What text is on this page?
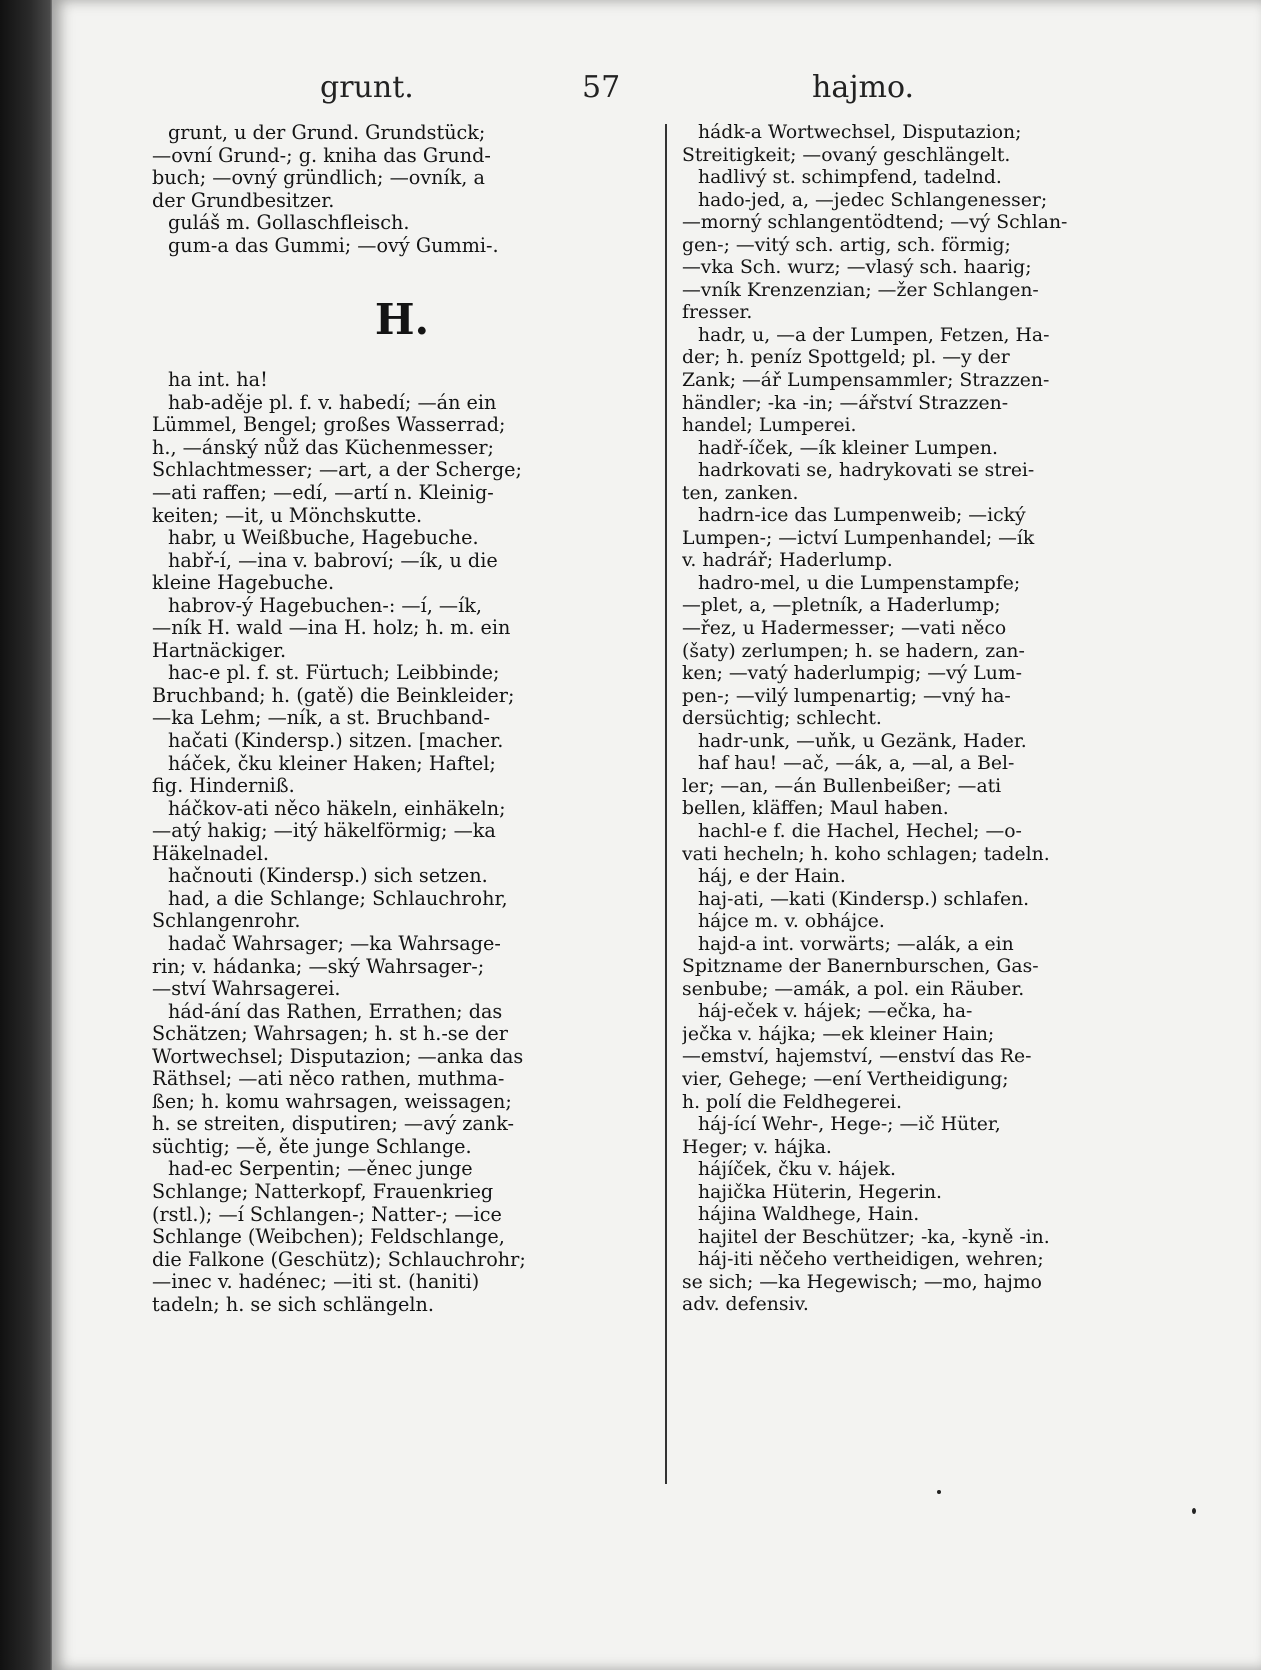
grunt.	57	hajmo.
grunt, u der Grund. Grundstück;
—ovní Grund-; g. kniha das Grund-
buch; —ovný gründlich; —ovník, a
der Grundbesitzer.
guláš m. Gollaschfleisch.
gum-a das Gummi; —ový Gummi-.
H.
ha int. ha!
hab-aděje pl. f. v. habedí; —án ein
Lümmel, Bengel; großes Wasserrad;
h., —ánský nůž das Küchenmesser;
Schlachtmesser; —art, a der Scherge;
—ati raffen; —edí, —artí n. Kleinig-
keiten; —it, u Mönchskutte.
habr, u Weißbuche, Hagebuche.
habř-í, —ina v. babroví; —ík, u die
kleine Hagebuche.
habrov-ý Hagebuchen-: —í, —ík,
—ník H. wald —ina H. holz; h. m. ein
Hartnäckiger.
hac-e pl. f. st. Fürtuch; Leibbinde;
Bruchband; h. (gatě) die Beinkleider;
—ka Lehm; —ník, a st. Bruchband-
hačati (Kindersp.) sitzen. [macher.
háček, čku kleiner Haken; Haftel;
fig. Hinderniß.
háčkov-ati něco häkeln, einhäkeln;
—atý hakig; —itý häkelförmig; —ka
Häkelnadel.
hačnouti (Kindersp.) sich setzen.
had, a die Schlange; Schlauchrohr,
Schlangenrohr.
hadač Wahrsager; —ka Wahrsage-
rin; v. hádanka; —ský Wahrsager-;
—ství Wahrsagerei.
hád-ání das Rathen, Errathen; das
Schätzen; Wahrsagen; h. st h.-se der
Wortwechsel; Disputazion; —anka das
Räthsel; —ati něco rathen, muthma-
ßen; h. komu wahrsagen, weissagen;
h. se streiten, disputiren; —avý zank-
süchtig; —ě, ěte junge Schlange.
had-ec Serpentin; —ěnec junge
Schlange; Natterkopf, Frauenkrieg
(rstl.); —í Schlangen-; Natter-; —ice
Schlange (Weibchen); Feldschlange,
die Falkone (Geschütz); Schlauchrohr;
—inec v. hadénec; —iti st. (haniti)
tadeln; h. se sich schlängeln.
hádk-a Wortwechsel, Disputazion;
Streitigkeit; —ovaný geschlängelt.
hadlivý st. schimpfend, tadelnd.
hado-jed, a, —jedec Schlangenesser;
—morný schlangentödtend; —vý Schlan-
gen-; —vitý sch. artig, sch. förmig;
—vka Sch. wurz; —vlasý sch. haarig;
—vník Krenzenzian; —žer Schlangen-
fresser.
hadr, u, —a der Lumpen, Fetzen, Ha-
der; h. peníz Spottgeld; pl. —y der
Zank; —ář Lumpensammler; Strazzen-
händler; -ka -in; —ářství Strazzen-
handel; Lumperei.
hadř-íček, —ík kleiner Lumpen.
hadrkovati se, hadrykovati se strei-
ten, zanken.
hadrn-ice das Lumpenweib; —ický
Lumpen-; —ictví Lumpenhandel; —ík
v. hadrář; Haderlump.
hadro-mel, u die Lumpenstampfe;
—plet, a, —pletník, a Haderlump;
—řez, u Hadermesser; —vati něco
(šaty) zerlumpen; h. se hadern, zan-
ken; —vatý haderlumpig; —vý Lum-
pen-; —vilý lumpenartig; —vný ha-
dersüchtig; schlecht.
hadr-unk, —uňk, u Gezänk, Hader.
haf hau! —ač, —ák, a, —al, a Bel-
ler; —an, —án Bullenbeißer; —ati
bellen, kläffen; Maul haben.
hachl-e f. die Hachel, Hechel; —o-
vati hecheln; h. koho schlagen; tadeln.
háj, e der Hain.
haj-ati, —kati (Kindersp.) schlafen.
hájce m. v. obhájce.
hajd-a int. vorwärts; —alák, a ein
Spitzname der Banernburschen, Gas-
senbube; —amák, a pol. ein Räuber.
háj-eček v. hájek; —ečka, ha-
ječka v. hájka; —ek kleiner Hain;
—emství, hajemství, —enství das Re-
vier, Gehege; —ení Vertheidigung;
h. polí die Feldhegerei.
háj-ící Wehr-, Hege-; —ič Hüter,
Heger; v. hájka.
hájíček, čku v. hájek.
hajička Hüterin, Hegerin.
hájina Waldhege, Hain.
hajitel der Beschützer; -ka, -kyně -in.
háj-iti něčeho vertheidigen, wehren;
se sich; —ka Hegewisch; —mo, hajmo
adv. defensiv.
